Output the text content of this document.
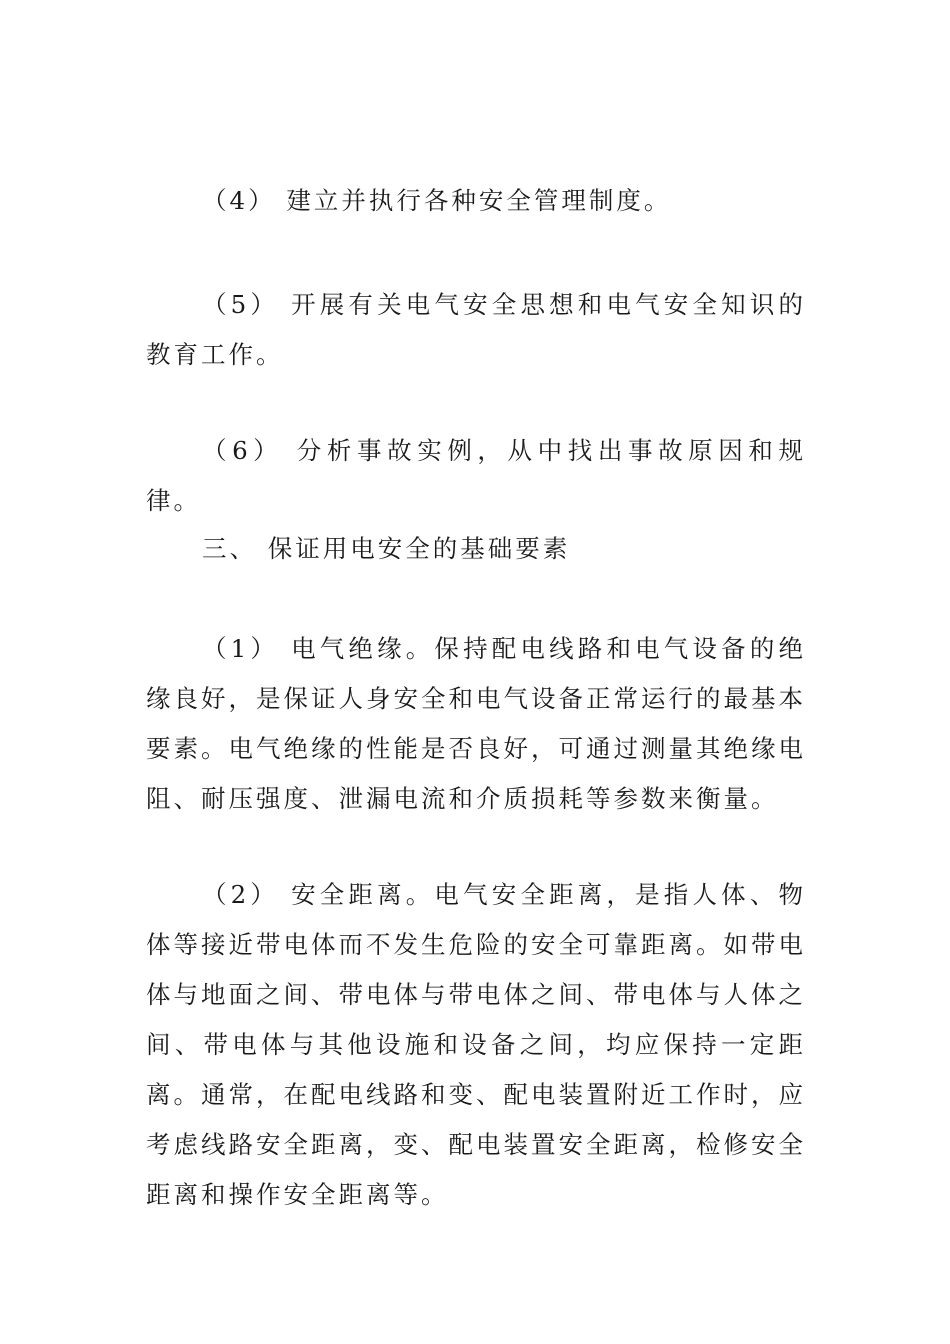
（4） 建立并执行各种安全管理制度。

（5） 开展有关电气安全思想和电气安全知识的教育工作。

（6） 分析事故实例，从中找出事故原因和规律。

三、 保证用电安全的基础要素

（1） 电气绝缘。保持配电线路和电气设备的绝缘良好，是保证人身安全和电气设备正常运行的最基本要素。电气绝缘的性能是否良好，可通过测量其绝缘电阻、耐压强度、泄漏电流和介质损耗等参数来衡量。

（2） 安全距离。电气安全距离，是指人体、物体等接近带电体而不发生危险的安全可靠距离。如带电体与地面之间、带电体与带电体之间、带电体与人体之间、带电体与其他设施和设备之间，均应保持一定距离。通常，在配电线路和变、配电装置附近工作时，应考虑线路安全距离，变、配电装置安全距离，检修安全距离和操作安全距离等。
